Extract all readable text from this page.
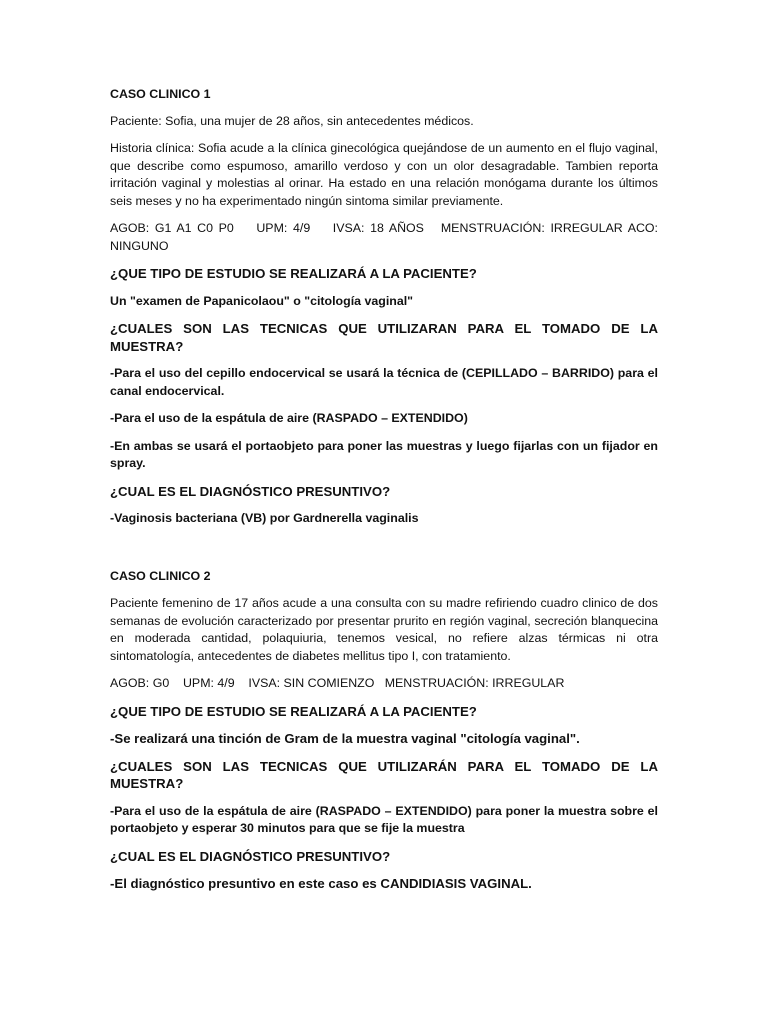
CASO CLINICO 1

Paciente: Sofia, una mujer de 28 años, sin antecedentes médicos.

Historia clínica: Sofia acude a la clínica ginecológica quejándose de un aumento en el flujo vaginal, que describe como espumoso, amarillo verdoso y con un olor desagradable. Tambien reporta irritación vaginal y molestias al orinar. Ha estado en una relación monógama durante los últimos seis meses y no ha experimentado ningún sintoma similar previamente.

AGOB: G1 A1 C0 P0    UPM: 4/9    IVSA: 18 AÑOS   MENSTRUACIÓN: IRREGULAR ACO: NINGUNO

¿QUE TIPO DE ESTUDIO SE REALIZARÁ A LA PACIENTE?

Un "examen de Papanicolaou" o "citología vaginal"

¿CUALES SON LAS TECNICAS QUE UTILIZARAN PARA EL TOMADO DE LA MUESTRA?

-Para el uso del cepillo endocervical se usará la técnica de (CEPILLADO – BARRIDO) para el canal endocervical.

-Para el uso de la espátula de aire (RASPADO – EXTENDIDO)

-En ambas se usará el portaobjeto para poner las muestras y luego fijarlas con un fijador en spray.

¿CUAL ES EL DIAGNÓSTICO PRESUNTIVO?

-Vaginosis bacteriana (VB) por Gardnerella vaginalis

CASO CLINICO 2

Paciente femenino de 17 años acude a una consulta con su madre refiriendo cuadro clinico de dos semanas de evolución caracterizado por presentar prurito en región vaginal, secreción blanquecina en moderada cantidad, polaquiuria, tenemos vesical, no refiere alzas térmicas ni otra sintomatología, antecedentes de diabetes mellitus tipo I, con tratamiento.

AGOB: G0    UPM: 4/9    IVSA: SIN COMIENZO   MENSTRUACIÓN: IRREGULAR

¿QUE TIPO DE ESTUDIO SE REALIZARÁ A LA PACIENTE?

-Se realizará una tinción de Gram de la muestra vaginal "citología vaginal".

¿CUALES SON LAS TECNICAS QUE UTILIZARÁN PARA EL TOMADO DE LA MUESTRA?

-Para el uso de la espátula de aire (RASPADO – EXTENDIDO) para poner la muestra sobre el portaobjeto y esperar 30 minutos para que se fije la muestra

¿CUAL ES EL DIAGNÓSTICO PRESUNTIVO?

-El diagnóstico presuntivo en este caso es CANDIDIASIS VAGINAL.
